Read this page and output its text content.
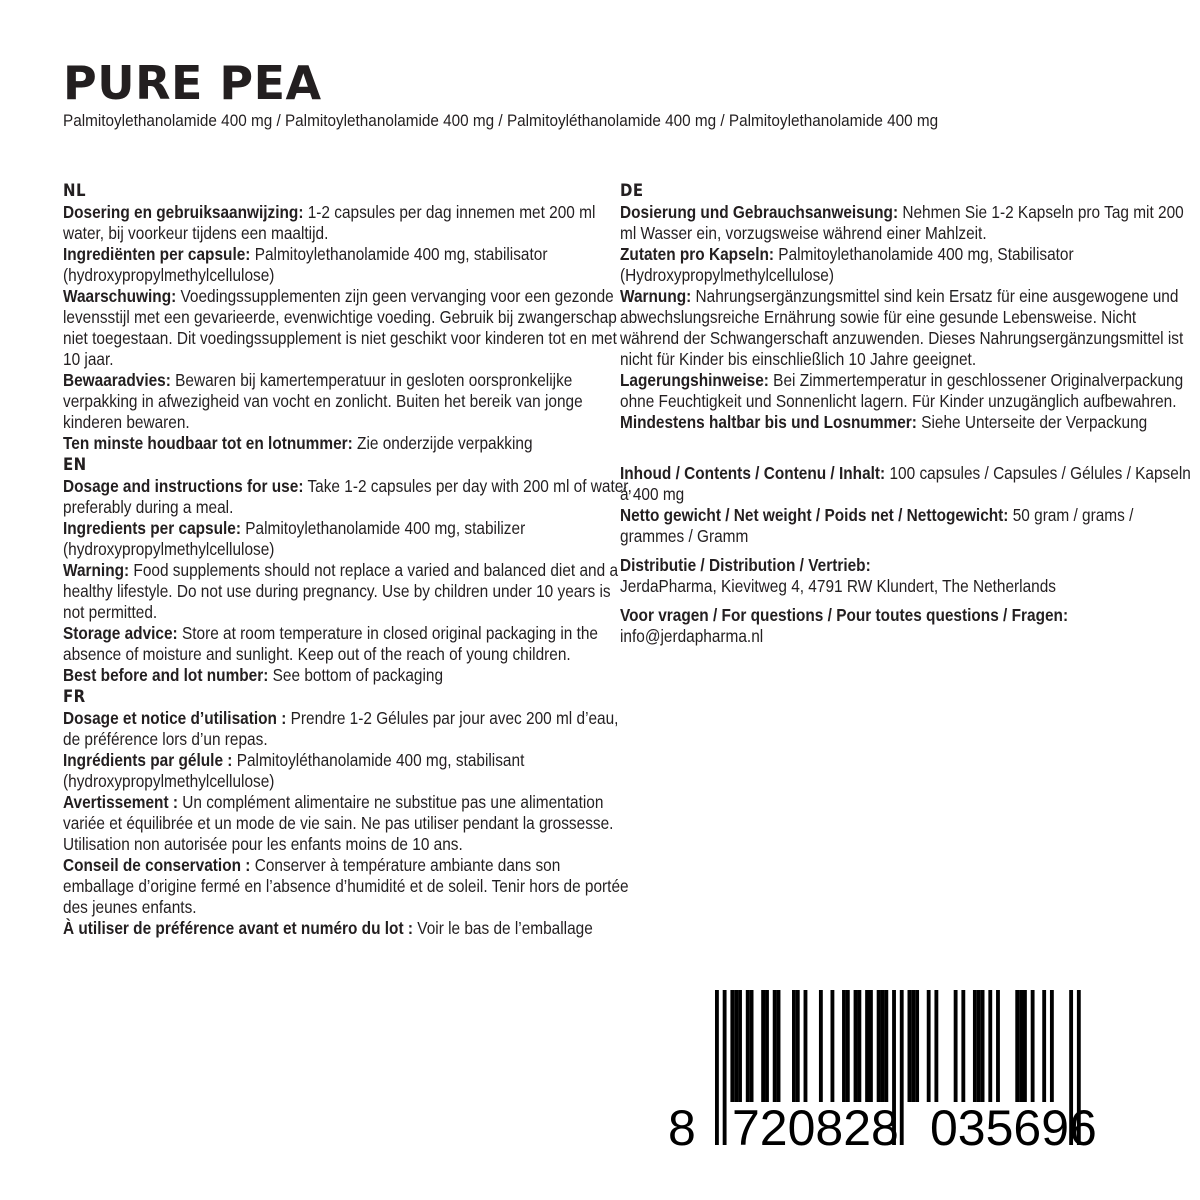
PURE PEA
Palmitoylethanolamide 400 mg / Palmitoylethanolamide 400 mg / Palmitoyléthanolamide 400 mg / Palmitoylethanolamide 400 mg
NL

Dosering en gebruiksaanwijzing: 1-2 capsules per dag innemen met 200 ml water, bij voorkeur tijdens een maaltijd.

Ingrediënten per capsule: Palmitoylethanolamide 400 mg, stabilisator (hydroxypropylmethylcellulose)

Waarschuwing: Voedingssupplementen zijn geen vervanging voor een gezonde levensstijl met een gevarieerde, evenwichtige voeding. Gebruik bij zwangerschap niet toegestaan. Dit voedingssupplement is niet geschikt voor kinderen tot en met 10 jaar.

Bewaaradvies: Bewaren bij kamertemperatuur in gesloten oorspronkelijke verpakking in afwezigheid van vocht en zonlicht. Buiten het bereik van jonge kinderen bewaren.

Ten minste houdbaar tot en lotnummer: Zie onderzijde verpakking

EN

Dosage and instructions for use: Take 1-2 capsules per day with 200 ml of water, preferably during a meal.

Ingredients per capsule: Palmitoylethanolamide 400 mg, stabilizer (hydroxypropylmethylcellulose)

Warning: Food supplements should not replace a varied and balanced diet and a healthy lifestyle. Do not use during pregnancy. Use by children under 10 years is not permitted.

Storage advice: Store at room temperature in closed original packaging in the absence of moisture and sunlight. Keep out of the reach of young children.

Best before and lot number: See bottom of packaging

FR

Dosage et notice d’utilisation : Prendre 1-2 Gélules par jour avec 200 ml d’eau, de préférence lors d’un repas.

Ingrédients par gélule : Palmitoyléthanolamide 400 mg, stabilisant (hydroxypropylmethylcellulose)

Avertissement : Un complément alimentaire ne substitue pas une alimentation variée et équilibrée et un mode de vie sain. Ne pas utiliser pendant la grossesse. Utilisation non autorisée pour les enfants moins de 10 ans.

Conseil de conservation : Conserver à température ambiante dans son emballage d’origine fermé en l’absence d’humidité et de soleil. Tenir hors de portée des jeunes enfants.

À utiliser de préférence avant et numéro du lot : Voir le bas de l’emballage

DE

Dosierung und Gebrauchsanweisung: Nehmen Sie 1-2 Kapseln pro Tag mit 200 ml Wasser ein, vorzugsweise während einer Mahlzeit.

Zutaten pro Kapseln: Palmitoylethanolamide 400 mg, Stabilisator (Hydroxypropylmethylcellulose)

Warnung: Nahrungsergänzungsmittel sind kein Ersatz für eine ausgewogene und abwechslungsreiche Ernährung sowie für eine gesunde Lebensweise. Nicht während der Schwangerschaft anzuwenden. Dieses Nahrungsergänzungsmittel ist nicht für Kinder bis einschließlich 10 Jahre geeignet.

Lagerungshinweise: Bei Zimmertemperatur in geschlossener Originalverpackung ohne Feuchtigkeit und Sonnenlicht lagern. Für Kinder unzugänglich aufbewahren.

Mindestens haltbar bis und Losnummer: Siehe Unterseite der Verpackung

Inhoud / Contents / Contenu / Inhalt: 100 capsules / Capsules / Gélules / Kapseln á 400 mg

Netto gewicht / Net weight / Poids net / Nettogewicht: 50 gram / grams / grammes / Gramm

Distributie / Distribution / Vertrieb:

JerdaPharma, Kievitweg 4, 4791 RW Klundert, The Netherlands

Voor vragen / For questions / Pour toutes questions / Fragen:

info@jerdapharma.nl

8 720828 035696
